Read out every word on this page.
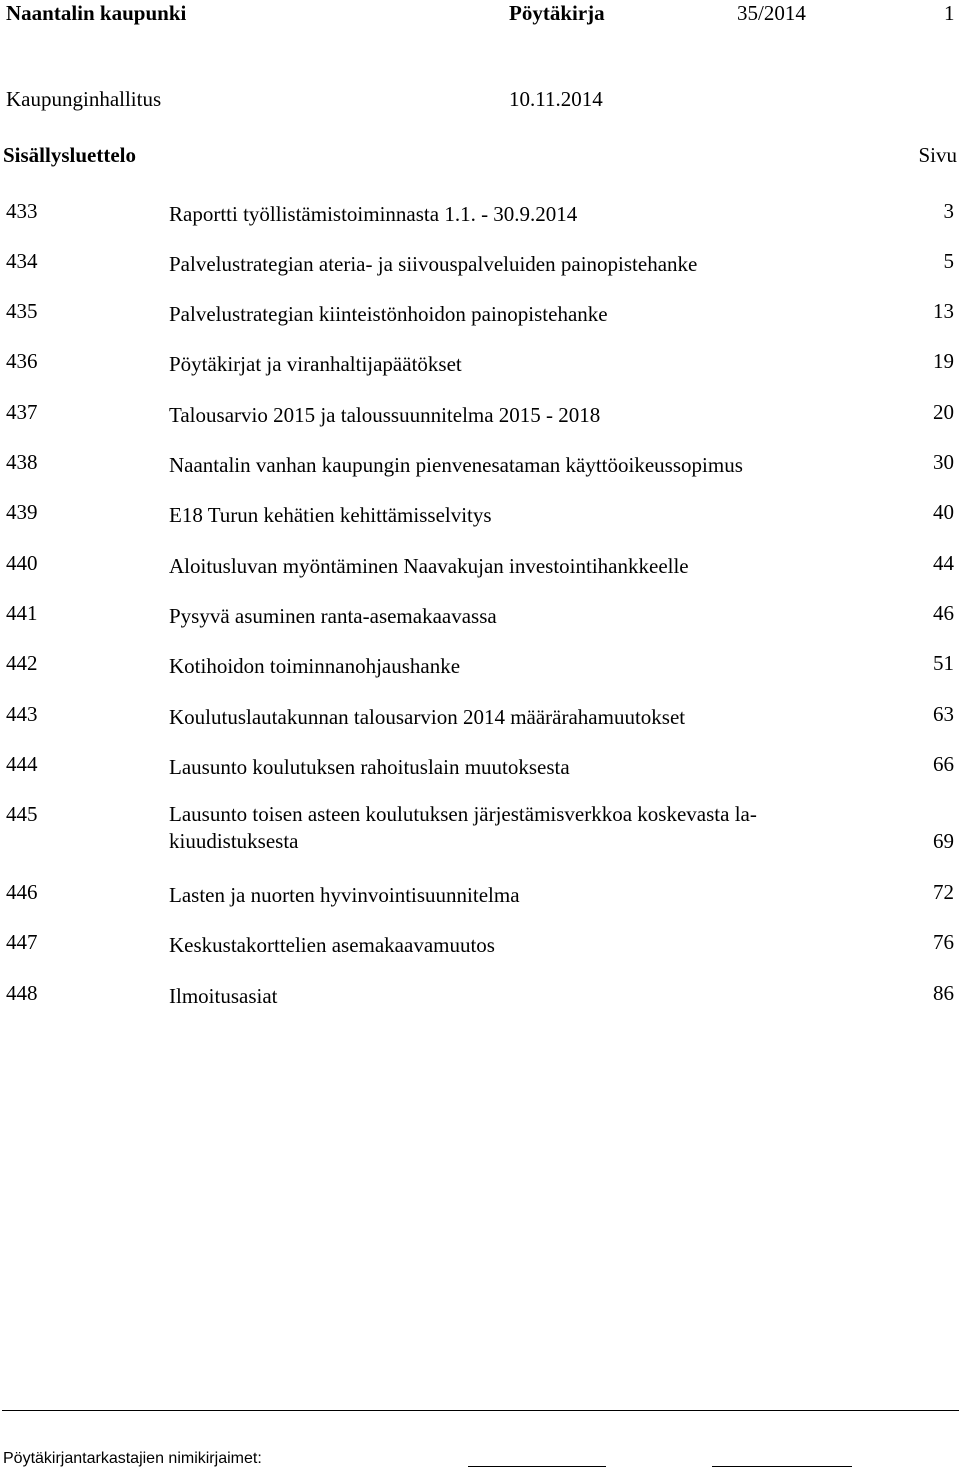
Naantalin kaupunki	Pöytäkirja	35/2014	1
Kaupunginhallitus	10.11.2014
Sisällysluettelo	Sivu
433	Raportti työllistämistoiminnasta 1.1. - 30.9.2014	3
434	Palvelustrategian ateria- ja siivouspalveluiden painopistehanke	5
435	Palvelustrategian kiinteistönhoidon painopistehanke	13
436	Pöytäkirjat ja viranhaltijapäätökset	19
437	Talousarvio 2015 ja taloussuunnitelma 2015 - 2018	20
438	Naantalin vanhan kaupungin pienvenesataman käyttöoikeussopimus	30
439	E18 Turun kehätien kehittämisselvitys	40
440	Aloitusluvan myöntäminen Naavakujan investointihankkeelle	44
441	Pysyvä asuminen ranta-asemakaavassa	46
442	Kotihoidon toiminnanohjaushanke	51
443	Koulutuslautakunnan talousarvion 2014 määrärahamuutokset	63
444	Lausunto koulutuksen rahoituslain muutoksesta	66
445	Lausunto toisen asteen koulutuksen järjestämisverkkoa koskevasta la-
kiuudistuksesta	69
446	Lasten ja nuorten hyvinvointisuunnitelma	72
447	Keskustakorttelien asemakaavamuutos	76
448	Ilmoitusasiat	86
Pöytäkirjantarkastajien nimikirjaimet:
